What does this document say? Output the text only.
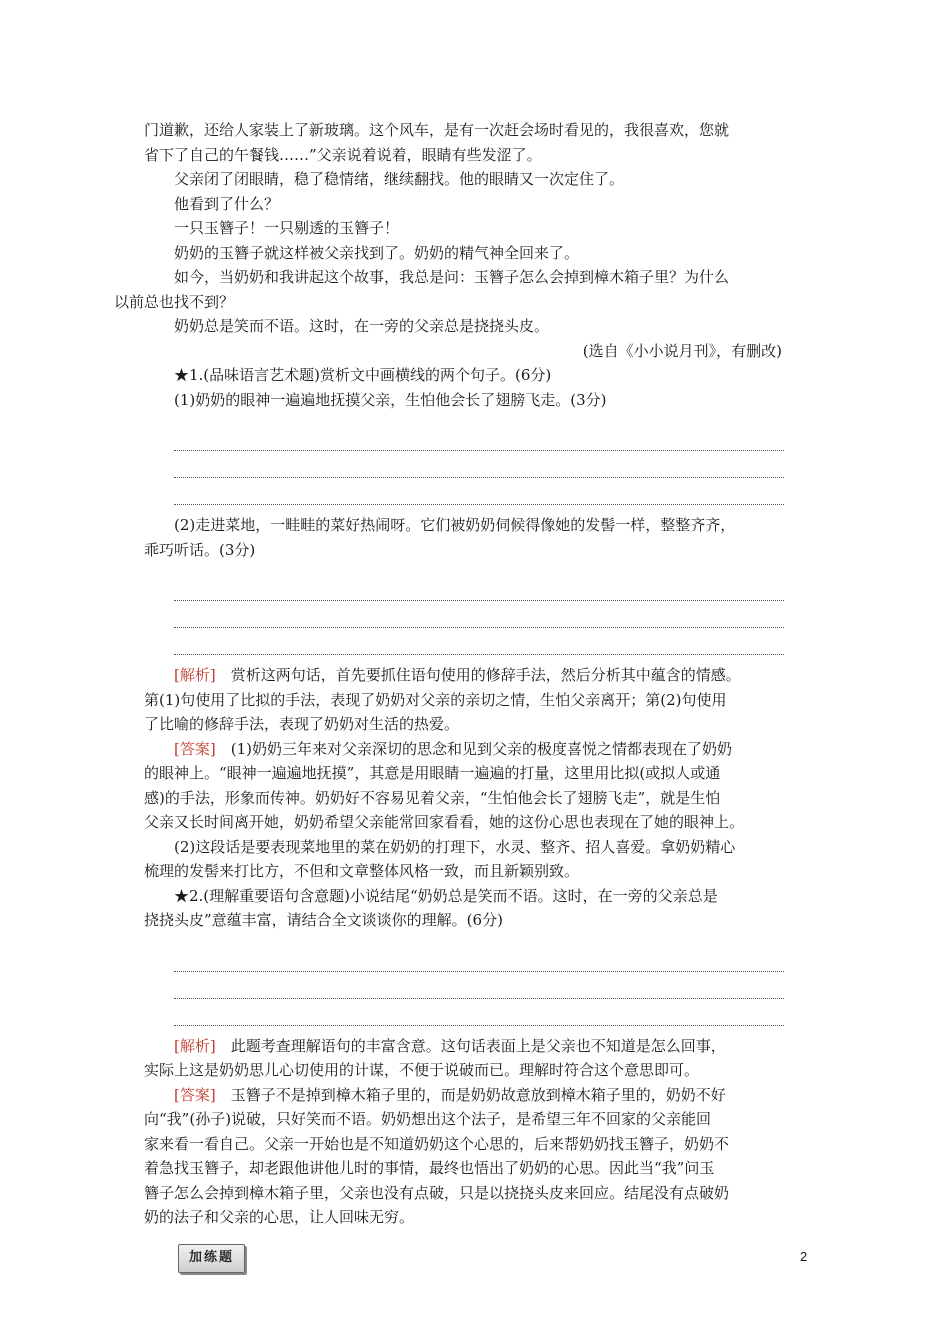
门道歉，还给人家装上了新玻璃。这个风车，是有一次赶会场时看见的，我很喜欢，您就
省下了自己的午餐钱……”父亲说着说着，眼睛有些发涩了。

父亲闭了闭眼睛，稳了稳情绪，继续翻找。他的眼睛又一次定住了。

他看到了什么？

一只玉簪子！一只剔透的玉簪子！

奶奶的玉簪子就这样被父亲找到了。奶奶的精气神全回来了。

如今，当奶奶和我讲起这个故事，我总是问：玉簪子怎么会掉到樟木箱子里？为什么
以前总也找不到？

奶奶总是笑而不语。这时，在一旁的父亲总是挠挠头皮。

(选自《小小说月刊》，有删改)

★1.(品味语言艺术题)赏析文中画横线的两个句子。(6分)

(1)奶奶的眼神一遍遍地抚摸父亲，生怕他会长了翅膀飞走。(3分)

(2)走进菜地，一畦畦的菜好热闹呀。它们被奶奶伺候得像她的发髻一样，整整齐齐，
乖巧听话。(3分)

[解析]　赏析这两句话，首先要抓住语句使用的修辞手法，然后分析其中蕴含的情感。
第(1)句使用了比拟的手法，表现了奶奶对父亲的亲切之情，生怕父亲离开；第(2)句使用
了比喻的修辞手法，表现了奶奶对生活的热爱。

[答案]　(1)奶奶三年来对父亲深切的思念和见到父亲的极度喜悦之情都表现在了奶奶
的眼神上。“眼神一遍遍地抚摸”，其意是用眼睛一遍遍的打量，这里用比拟(或拟人或通
感)的手法，形象而传神。奶奶好不容易见着父亲，“生怕他会长了翅膀飞走”，就是生怕
父亲又长时间离开她，奶奶希望父亲能常回家看看，她的这份心思也表现在了她的眼神上。

(2)这段话是要表现菜地里的菜在奶奶的打理下，水灵、整齐、招人喜爱。拿奶奶精心
梳理的发髻来打比方，不但和文章整体风格一致，而且新颖别致。

★2.(理解重要语句含意题)小说结尾“奶奶总是笑而不语。这时，在一旁的父亲总是
挠挠头皮”意蕴丰富，请结合全文谈谈你的理解。(6分)

[解析]　此题考查理解语句的丰富含意。这句话表面上是父亲也不知道是怎么回事，
实际上这是奶奶思儿心切使用的计谋，不便于说破而已。理解时符合这个意思即可。

[答案]　玉簪子不是掉到樟木箱子里的，而是奶奶故意放到樟木箱子里的，奶奶不好
向“我”(孙子)说破，只好笑而不语。奶奶想出这个法子，是希望三年不回家的父亲能回
家来看一看自己。父亲一开始也是不知道奶奶这个心思的，后来帮奶奶找玉簪子，奶奶不
着急找玉簪子，却老跟他讲他儿时的事情，最终也悟出了奶奶的心思。因此当“我”问玉
簪子怎么会掉到樟木箱子里，父亲也没有点破，只是以挠挠头皮来回应。结尾没有点破奶
奶的法子和父亲的心思，让人回味无穷。

加练题	2
